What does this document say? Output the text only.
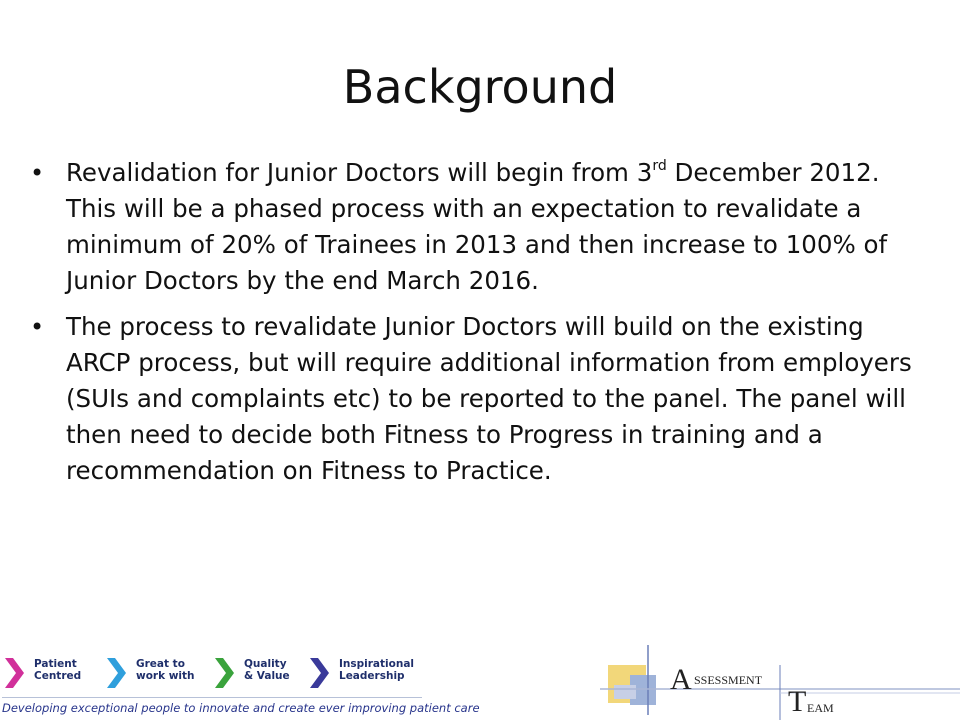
Background
• Revalidation for Junior Doctors will begin from 3rd December 2012. This will be a phased process with an expectation to revalidate a minimum of 20% of Trainees in 2013 and then increase to 100% of Junior Doctors by the end March 2016.
• The process to revalidate Junior Doctors will build on the existing ARCP process, but will require additional information from employers (SUIs and complaints etc) to be reported to the panel. The panel will then need to decide both Fitness to Progress in training and a recommendation on Fitness to Practice.
Patient
Centred
Great to
work with
Quality
& Value
Inspirational
Leadership
Developing exceptional people to innovate and create ever improving patient care
A SSESSMENT
T EAM
